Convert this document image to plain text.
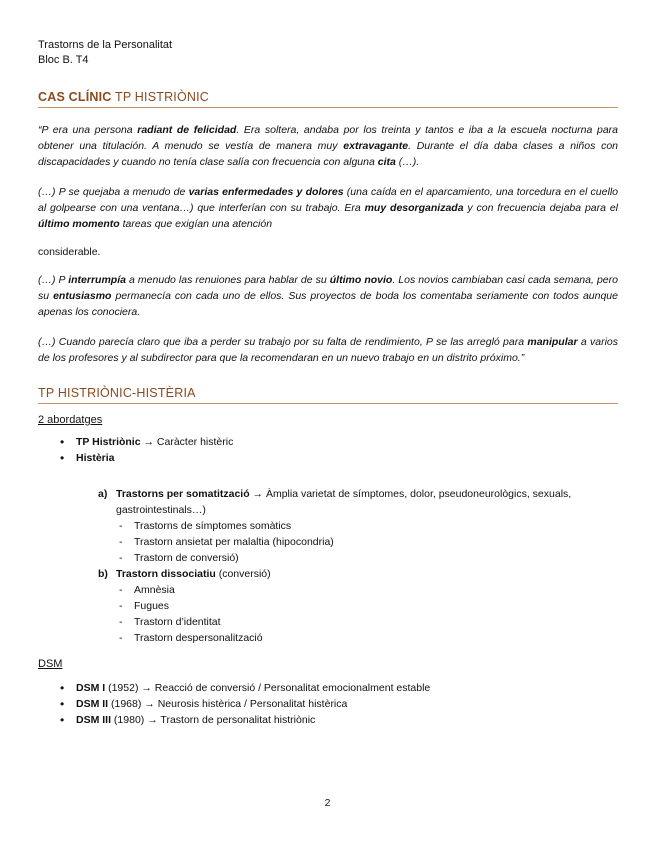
Trastorns de la Personalitat
Bloc B. T4
CAS CLÍNIC TP HISTRIÒNIC

“P era una persona radiant de felicidad. Era soltera, andaba por los treinta y tantos e iba a la escuela nocturna para obtener una titulación. A menudo se vestía de manera muy extravagante. Durante el día daba clases a niños con discapacidades y cuando no tenía clase salía con frecuencia con alguna cita (…).

(…) P se quejaba a menudo de varias enfermedades y dolores (una caída en el aparcamiento, una torcedura en el cuello al golpearse con una ventana…) que interferían con su trabajo. Era muy desorganizada y con frecuencia dejaba para el último momento tareas que exigían una atención

considerable.

(…) P interrumpía a menudo las renuiones para hablar de su último novio. Los novios cambiaban casi cada semana, pero su entusiasmo permanecía con cada uno de ellos. Sus proyectos de boda los comentaba seriamente con todos aunque apenas los conociera.

(…) Cuando parecía claro que iba a perder su trabajo por su falta de rendimiento, P se las arregló para manipular a varios de los profesores y al subdirector para que la recomendaran en un nuevo trabajo en un distrito próximo.”

TP HISTRIÒNIC-HISTÈRIA
2 abordatges
• TP Histriònic → Caràcter histèric
• Histèria
a) Trastorns per somatització → Àmplia varietat de símptomes, dolor, pseudoneurològics, sexuals, gastrointestinals…)
- Trastorns de símptomes somàtics
- Trastorn ansietat per malaltia (hipocondria)
- Trastorn de conversió)
b) Trastorn dissociatiu (conversió)
- Amnèsia
- Fugues
- Trastorn d’identitat
- Trastorn despersonalització
DSM
• DSM I (1952) → Reacció de conversió / Personalitat emocionalment estable
• DSM II (1968) → Neurosis histèrica / Personalitat histèrica
• DSM III (1980) → Trastorn de personalitat histriònic
2
